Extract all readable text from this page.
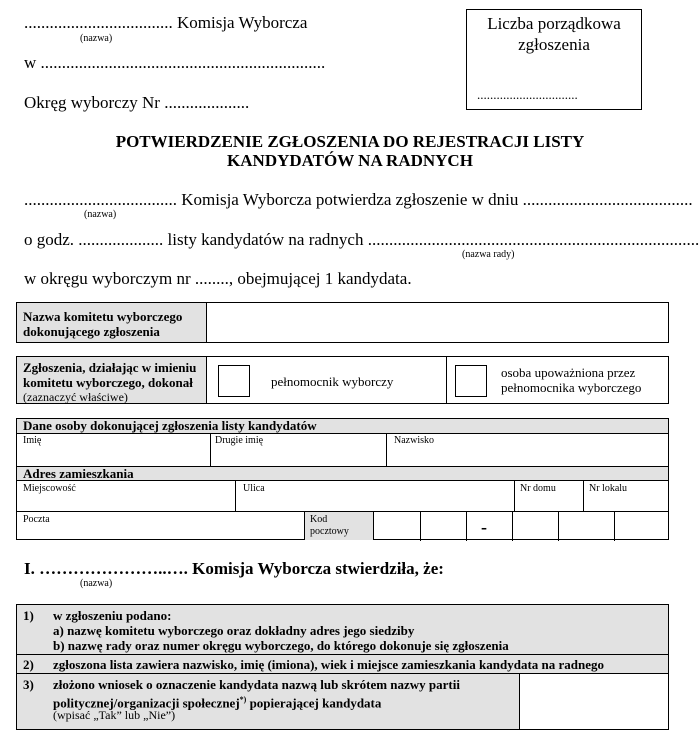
................................... Komisja Wyborcza
(nazwa)
w ...................................................................
Okręg wyborczy Nr ....................
Liczba porządkowa zgłoszenia
...............................
POTWIERDZENIE ZGŁOSZENIA DO REJESTRACJI LISTY
KANDYDATÓW NA RADNYCH
.................................... Komisja Wyborcza potwierdza zgłoszenie w dniu ........................................
(nazwa)
o godz. .................... listy kandydatów na radnych ..............................................................................
(nazwa rady)
w okręgu wyborczym nr ........, obejmującej 1 kandydata.
Nazwa komitetu wyborczego dokonującego zgłoszenia
Zgłoszenia, działając w imieniu komitetu wyborczego, dokonał
(zaznaczyć właściwe)
pełnomocnik wyborczy
osoba upoważniona przez pełnomocnika wyborczego
Dane osoby dokonującej zgłoszenia listy kandydatów
Imię	Drugie imię	Nazwisko
Adres zamieszkania
Miejscowość	Ulica	Nr domu	Nr lokalu
Poczta	Kod pocztowy	-
I. …………………..…. Komisja Wyborcza stwierdziła, że:
(nazwa)
1) w zgłoszeniu podano:
a) nazwę komitetu wyborczego oraz dokładny adres jego siedziby
b) nazwę rady oraz numer okręgu wyborczego, do którego dokonuje się zgłoszenia
2) zgłoszona lista zawiera nazwisko, imię (imiona), wiek i miejsce zamieszkania kandydata na radnego
3) złożono wniosek o oznaczenie kandydata nazwą lub skrótem nazwy partii
politycznej/organizacji społecznej*) popierającej kandydata
(wpisać „Tak” lub „Nie”)
